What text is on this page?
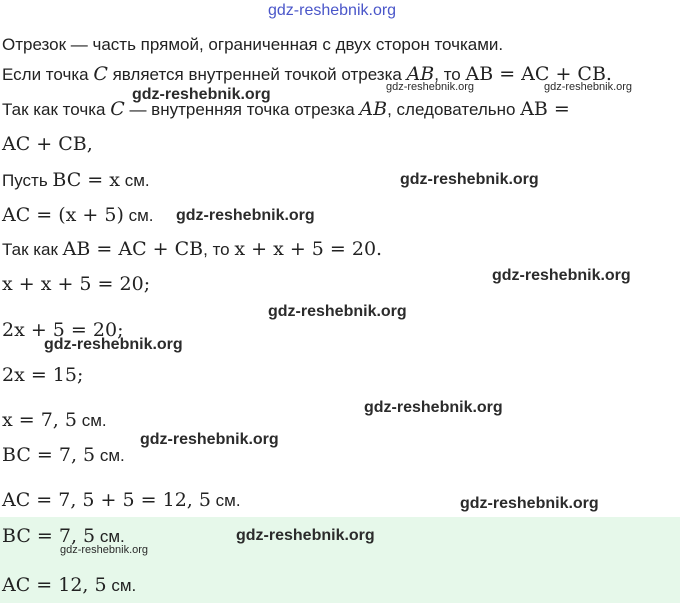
gdz-reshebnik.org
Отрезок — часть прямой, ограниченная с двух сторон точками.
Если точка C является внутренней точкой отрезка AB, то AB = AC + CB.
Так как точка C — внутренняя точка отрезка AB, следовательно AB =
AC + CB,
Пусть BC = x см.
AC = (x + 5) см.
Так как AB = AC + CB, то x + x + 5 = 20.
x + x + 5 = 20;
2x + 5 = 20;
2x = 15;
x = 7, 5 см.
BC = 7, 5 см.
AC = 7, 5 + 5 = 12, 5 см.
BC = 7, 5 см.
AC = 12, 5 см.
gdz-reshebnik.org	gdz-reshebnik.org	gdz-reshebnik.org
gdz-reshebnik.org
gdz-reshebnik.org
gdz-reshebnik.org
gdz-reshebnik.org
gdz-reshebnik.org
gdz-reshebnik.org
gdz-reshebnik.org
gdz-reshebnik.org
gdz-reshebnik.org
gdz-reshebnik.org
